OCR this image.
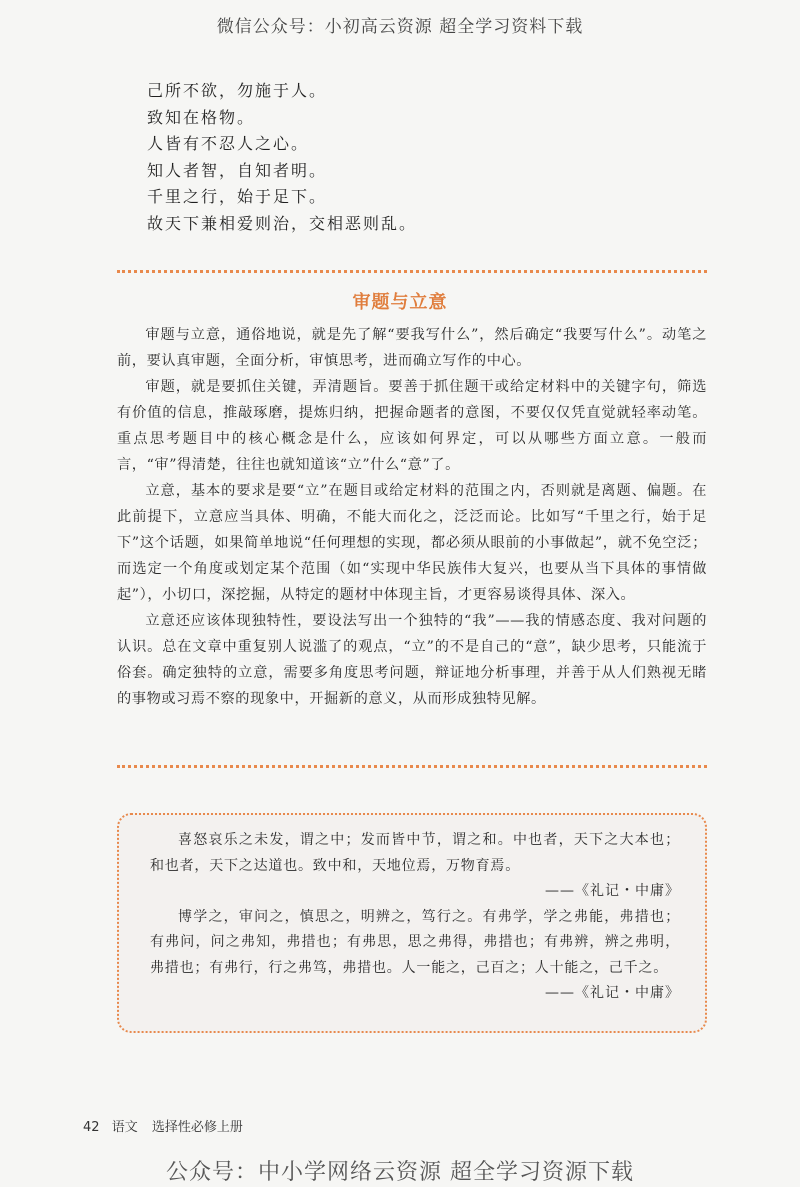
微信公众号：小初高云资源 超全学习资料下载
己所不欲，勿施于人。
致知在格物。
人皆有不忍人之心。
知人者智，自知者明。
千里之行，始于足下。
故天下兼相爱则治，交相恶则乱。
审题与立意

审题与立意，通俗地说，就是先了解“要我写什么”，然后确定“我要写什么”。动笔之前，要认真审题，全面分析，审慎思考，进而确立写作的中心。

审题，就是要抓住关键，弄清题旨。要善于抓住题干或给定材料中的关键字句，筛选有价值的信息，推敲琢磨，提炼归纳，把握命题者的意图，不要仅仅凭直觉就轻率动笔。重点思考题目中的核心概念是什么，应该如何界定，可以从哪些方面立意。一般而言，“审”得清楚，往往也就知道该“立”什么“意”了。

立意，基本的要求是要“立”在题目或给定材料的范围之内，否则就是离题、偏题。在此前提下，立意应当具体、明确，不能大而化之，泛泛而论。比如写“千里之行，始于足下”这个话题，如果简单地说“任何理想的实现，都必须从眼前的小事做起”，就不免空泛；而选定一个角度或划定某个范围（如“实现中华民族伟大复兴，也要从当下具体的事情做起”），小切口，深挖掘，从特定的题材中体现主旨，才更容易谈得具体、深入。

立意还应该体现独特性，要设法写出一个独特的“我”——我的情感态度、我对问题的认识。总在文章中重复别人说滥了的观点，“立”的不是自己的“意”，缺少思考，只能流于俗套。确定独特的立意，需要多角度思考问题，辩证地分析事理，并善于从人们熟视无睹的事物或习焉不察的现象中，开掘新的意义，从而形成独特见解。

喜怒哀乐之未发，谓之中；发而皆中节，谓之和。中也者，天下之大本也；和也者，天下之达道也。致中和，天地位焉，万物育焉。

——《礼记・中庸》

博学之，审问之，慎思之，明辨之，笃行之。有弗学，学之弗能，弗措也；有弗问，问之弗知，弗措也；有弗思，思之弗得，弗措也；有弗辨，辨之弗明，弗措也；有弗行，行之弗笃，弗措也。人一能之，己百之；人十能之，己千之。

——《礼记・中庸》
42 语文 选择性必修上册
公众号：中小学网络云资源 超全学习资源下载
